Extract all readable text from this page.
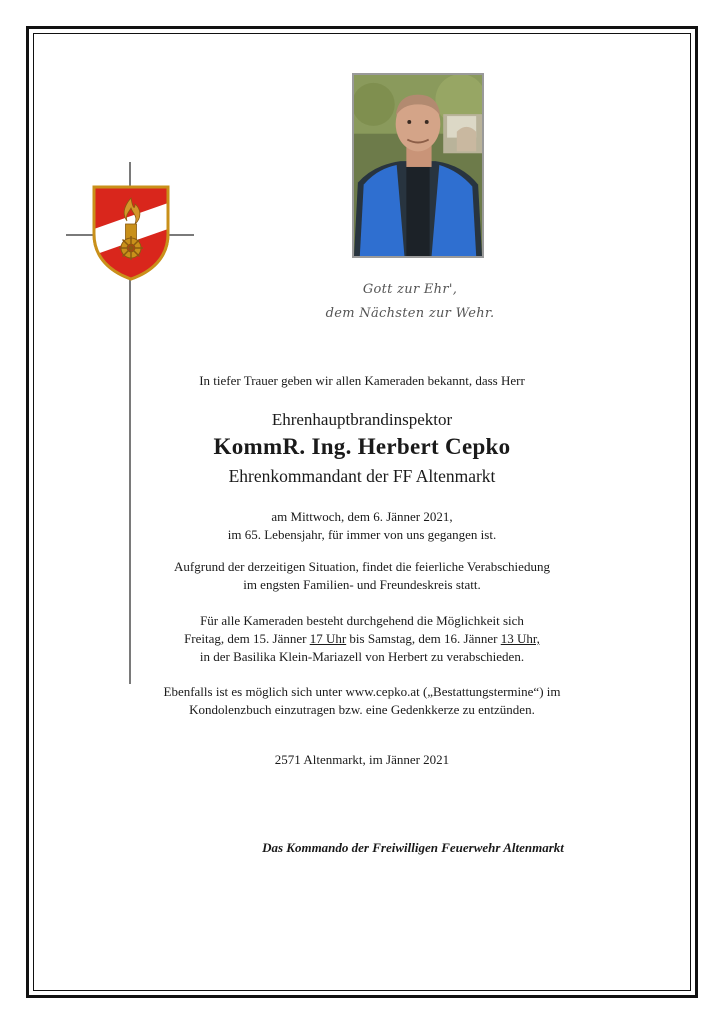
Gott zur Ehr',
dem Nächsten zur Wehr.
In tiefer Trauer geben wir allen Kameraden bekannt, dass Herr
Ehrenhauptbrandinspektor
KommR. Ing. Herbert Cepko
Ehrenkommandant der FF Altenmarkt
am Mittwoch, dem 6. Jänner 2021,
im 65. Lebensjahr, für immer von uns gegangen ist.
Aufgrund der derzeitigen Situation, findet die feierliche Verabschiedung
im engsten Familien- und Freundeskreis statt.
Für alle Kameraden besteht durchgehend die Möglichkeit sich
Freitag, dem 15. Jänner 17 Uhr bis Samstag, dem 16. Jänner 13 Uhr,
in der Basilika Klein-Mariazell von Herbert zu verabschieden.
Ebenfalls ist es möglich sich unter www.cepko.at („Bestattungstermine“) im
Kondolenzbuch einzutragen bzw. eine Gedenkkerze zu entzünden.
2571 Altenmarkt, im Jänner 2021
Das Kommando der Freiwilligen Feuerwehr Altenmarkt
